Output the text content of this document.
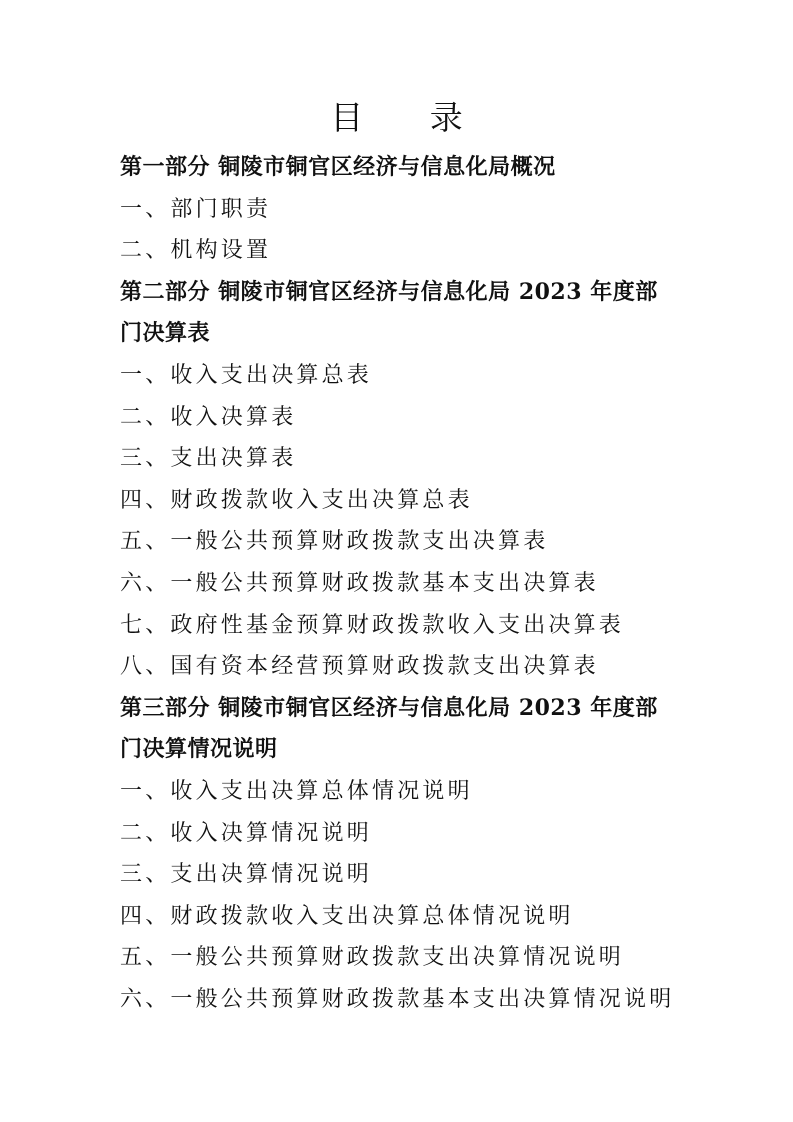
目 录
第一部分 铜陵市铜官区经济与信息化局概况
一、部门职责
二、机构设置
第二部分 铜陵市铜官区经济与信息化局 2023 年度部
门决算表
一、收入支出决算总表
二、收入决算表
三、支出决算表
四、财政拨款收入支出决算总表
五、一般公共预算财政拨款支出决算表
六、一般公共预算财政拨款基本支出决算表
七、政府性基金预算财政拨款收入支出决算表
八、国有资本经营预算财政拨款支出决算表
第三部分 铜陵市铜官区经济与信息化局 2023 年度部
门决算情况说明
一、收入支出决算总体情况说明
二、收入决算情况说明
三、支出决算情况说明
四、财政拨款收入支出决算总体情况说明
五、一般公共预算财政拨款支出决算情况说明
六、一般公共预算财政拨款基本支出决算情况说明
